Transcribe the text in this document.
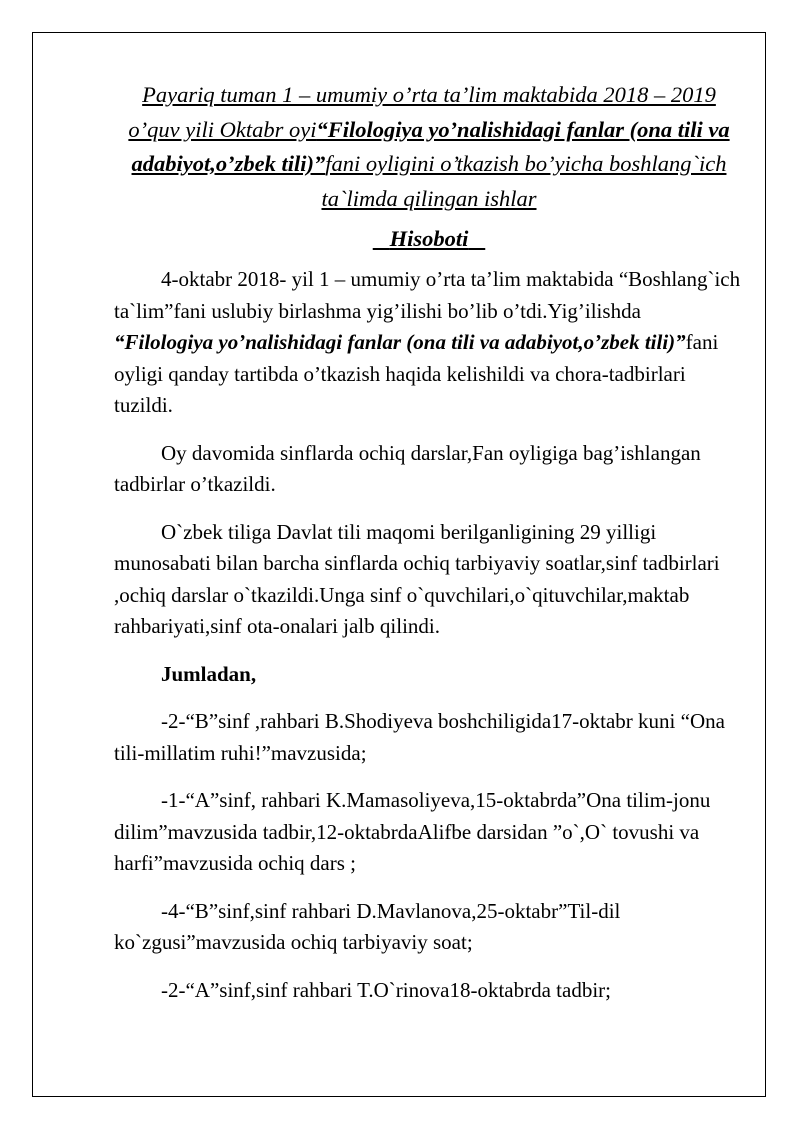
Payariq tuman 1 – umumiy o’rta ta’lim maktabida 2018 – 2019 o’quv yili Oktabr oyi“Filologiya yo’nalishidagi fanlar (ona tili va adabiyot,o’zbek tili)”fani oyligini o’tkazish bo’yicha boshlang`ich ta`limda qilingan ishlar

Hisoboti

4-oktabr 2018- yil 1 – umumiy o’rta ta’lim maktabida “Boshlang`ich ta`lim”fani uslubiy birlashma yig’ilishi bo’lib o’tdi.Yig’ilishda “Filologiya yo’nalishidagi fanlar (ona tili va adabiyot,o’zbek tili)”fani oyligi qanday tartibda o’tkazish haqida kelishildi va chora-tadbirlari tuzildi.

Oy davomida sinflarda ochiq darslar,Fan oyligiga bag’ishlangan tadbirlar o’tkazildi.

O`zbek tiliga Davlat tili maqomi berilganligining 29 yilligi munosabati bilan barcha sinflarda ochiq tarbiyaviy soatlar,sinf tadbirlari ,ochiq darslar o`tkazildi.Unga sinf o`quvchilari,o`qituvchilar,maktab rahbariyati,sinf ota-onalari jalb qilindi.

Jumladan,

-2-“B”sinf ,rahbari B.Shodiyeva boshchiligida17-oktabr kuni “Ona tili-millatim ruhi!”mavzusida;

-1-“A”sinf, rahbari K.Mamasoliyeva,15-oktabrda”Ona tilim-jonu dilim”mavzusida tadbir,12-oktabrdaAlifbe darsidan ”o`,O` tovushi va harfi”mavzusida ochiq dars ;

-4-“B”sinf,sinf rahbari D.Mavlanova,25-oktabr”Til-dil ko`zgusi”mavzusida ochiq tarbiyaviy soat;

-2-“A”sinf,sinf rahbari T.O`rinova18-oktabrda tadbir;
